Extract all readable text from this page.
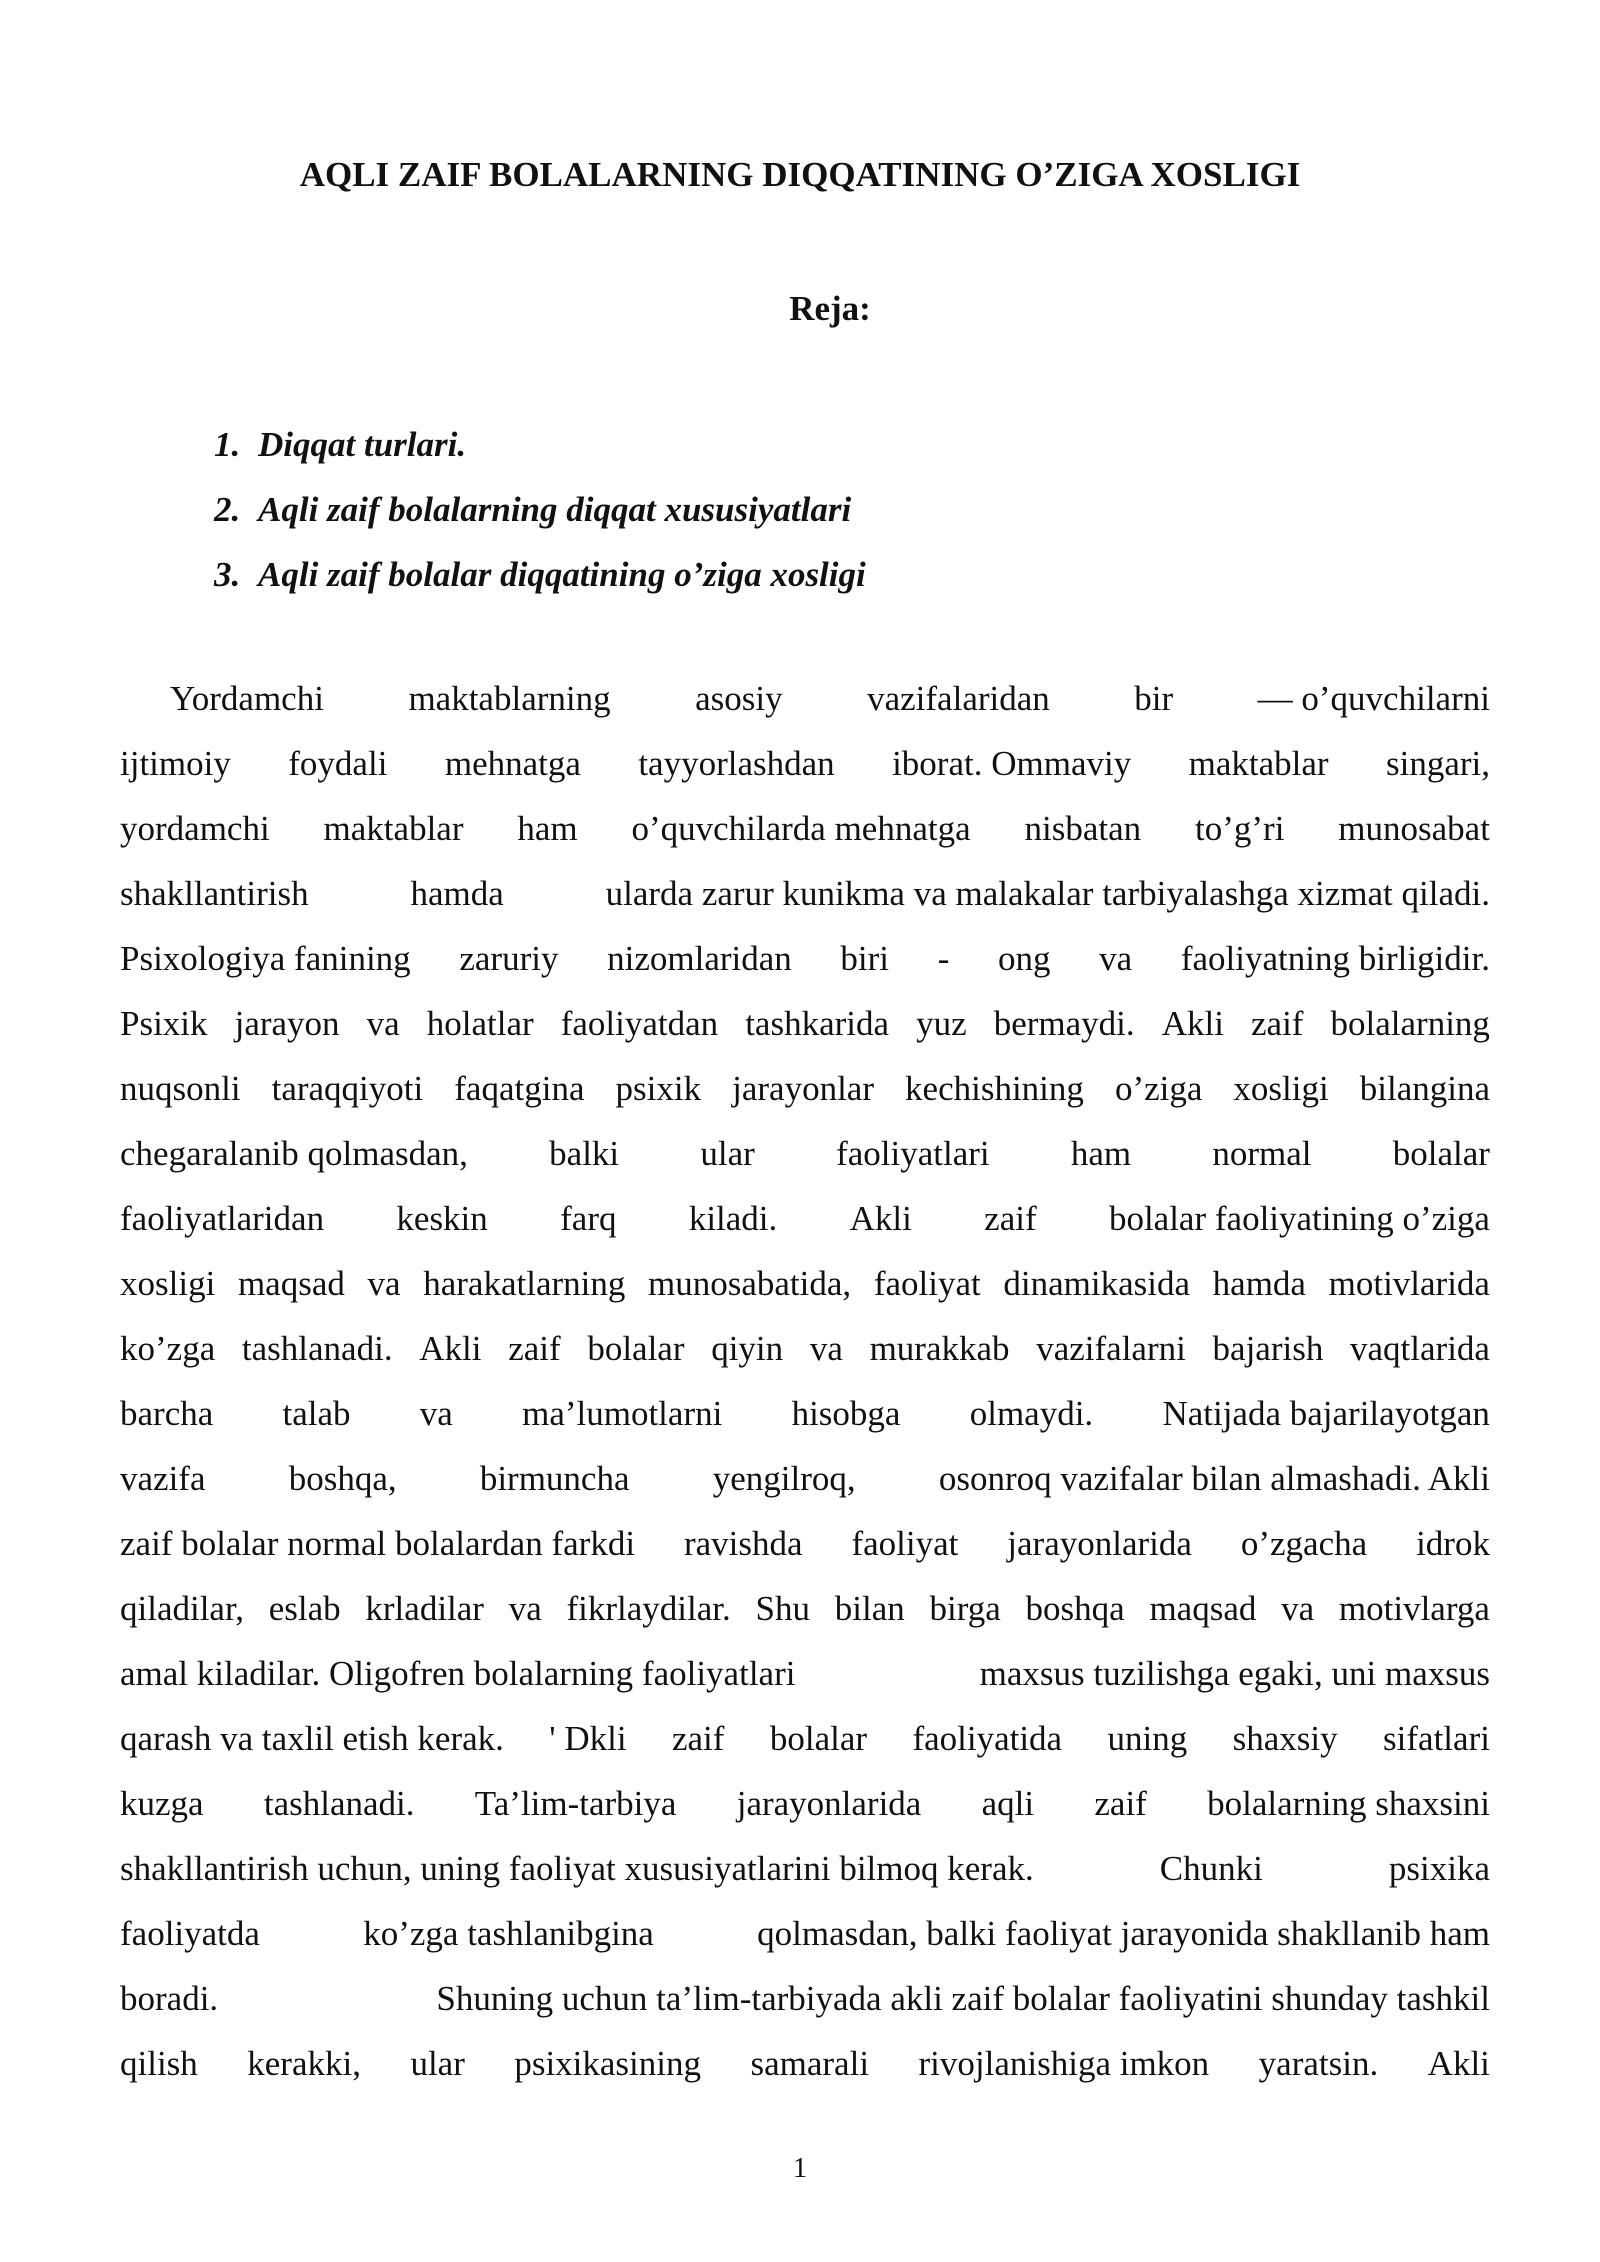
AQLI ZAIF BOLALARNING DIQQATINING O’ZIGA XOSLIGI
Reja:
1. Diqqat turlari.
2. Aqli zaif bolalarning diqqat xususiyatlari
3. Aqli zaif bolalar diqqatining o’ziga xosligi
Yordamchi maktablarning asosiy vazifalaridan bir — o’quvchilarni
ijtimoiy foydali mehnatga tayyorlashdan iborat. Ommaviy maktablar singari,
yordamchi maktablar ham o’quvchilarda mehnatga nisbatan to’g’ri munosabat
shakllantirish	hamda	ularda zarur kunikma va malakalar tarbiyalashga xizmat qiladi.
Psixologiya fanining zaruriy nizomlaridan biri - ong va faoliyatning birligidir.
Psixik jarayon va holatlar faoliyatdan tashkarida yuz bermaydi. Akli zaif bolalarning
nuqsonli taraqqiyoti faqatgina psixik jarayonlar kechishining o’ziga xosligi bilangina
chegaralanib qolmasdan, balki ular faoliyatlari ham normal bolalar
faoliyatlaridan keskin farq kiladi. Akli zaif bolalar faoliyatining o’ziga
xosligi maqsad va harakatlarning munosabatida, faoliyat dinamikasida hamda motivlarida
ko’zga tashlanadi. Akli zaif bolalar qiyin va murakkab vazifalarni bajarish vaqtlarida
barcha talab va ma’lumotlarni hisobga olmaydi. Natijada bajarilayotgan
vazifa boshqa, birmuncha yengilroq, osonroq vazifalar bilan almashadi. Akli
zaif bolalar normal bolalardan farkdi ravishda faoliyat jarayonlarida o’zgacha idrok
qiladilar, eslab krladilar va fikrlaydilar. Shu bilan birga boshqa maqsad va motivlarga
amal kiladilar. Oligofren bolalarning faoliyatlari	maxsus tuzilishga egaki, uni maxsus
qarash va taxlil etish kerak. ' Dkli zaif bolalar faoliyatida uning shaxsiy sifatlari
kuzga tashlanadi. Ta’lim-tarbiya jarayonlarida aqli zaif bolalarning shaxsini
shakllantirish uchun, uning faoliyat xususiyatlarini bilmoq kerak.	Chunki	psixika
faoliyatda	ko’zga tashlanibgina	qolmasdan, balki faoliyat jarayonida shakllanib ham
boradi.	Shuning uchun ta’lim-tarbiyada akli zaif bolalar faoliyatini shunday tashkil
qilish kerakki, ular psixikasining samarali rivojlanishiga imkon yaratsin. Akli
1
